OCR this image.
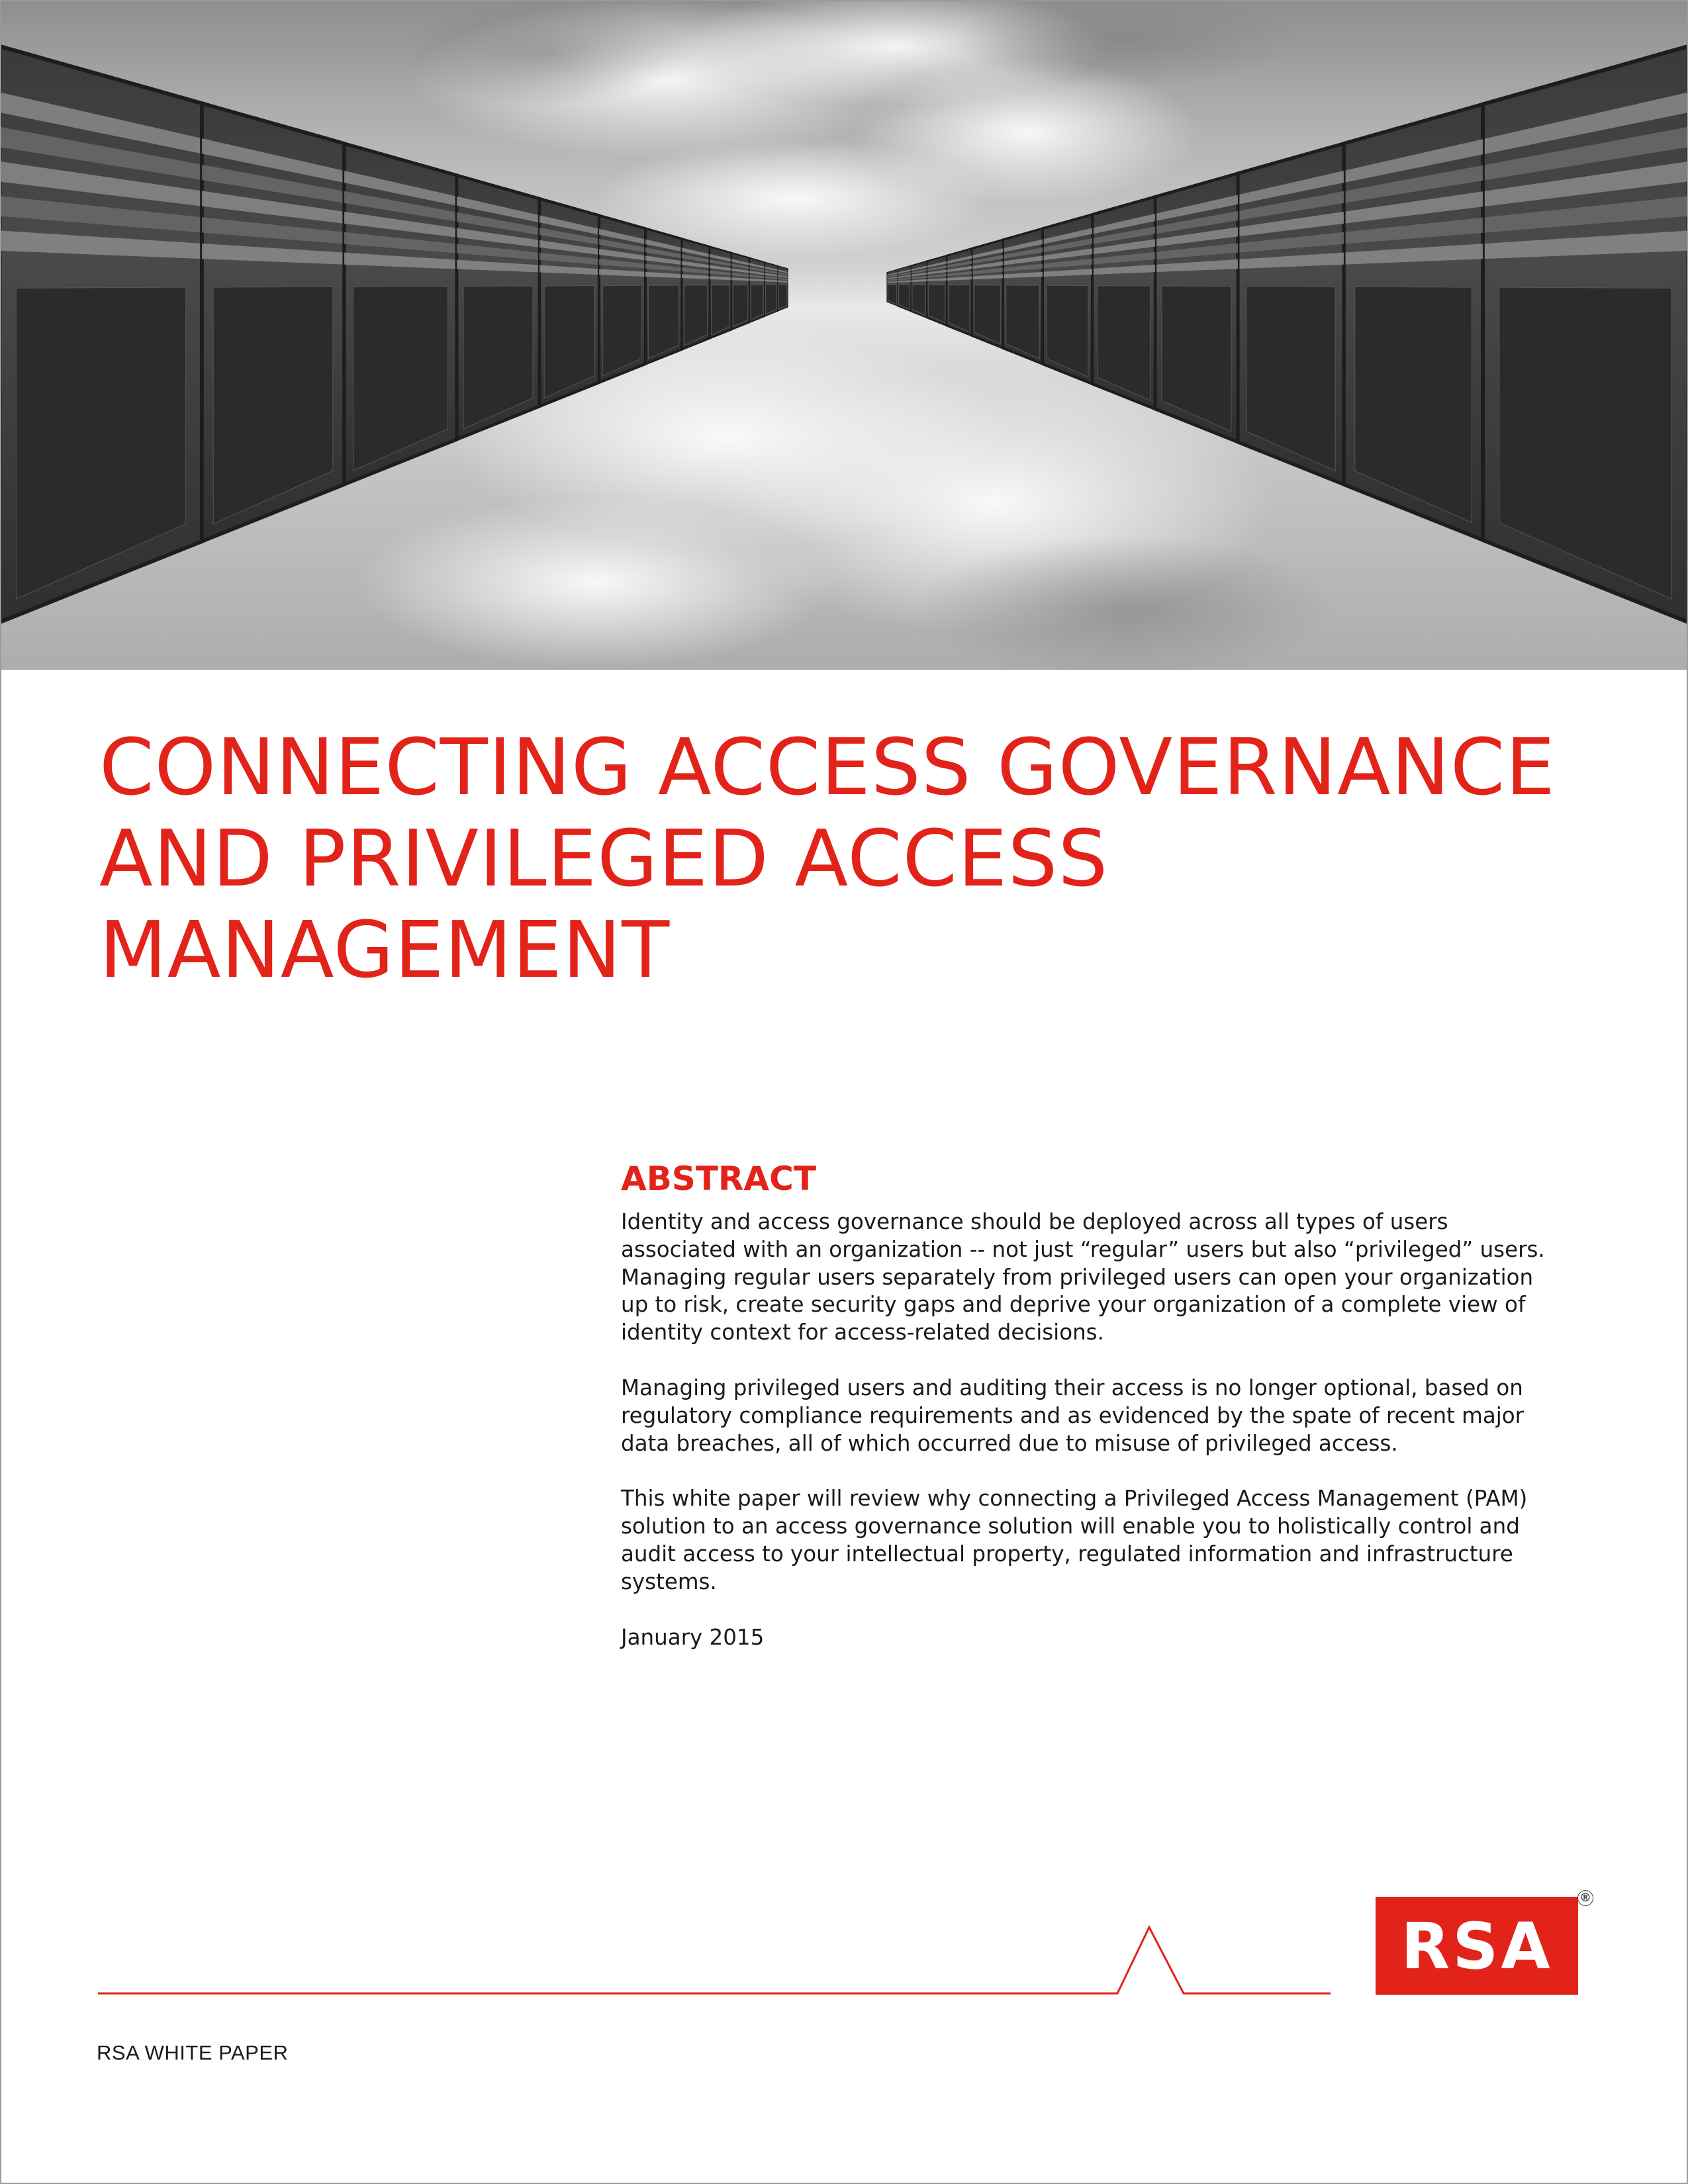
CONNECTING ACCESS GOVERNANCE
AND PRIVILEGED ACCESS
MANAGEMENT
ABSTRACT

Identity and access governance should be deployed across all types of users
associated with an organization -- not just “regular” users but also “privileged” users.
Managing regular users separately from privileged users can open your organization
up to risk, create security gaps and deprive your organization of a complete view of
identity context for access-related decisions.

Managing privileged users and auditing their access is no longer optional, based on
regulatory compliance requirements and as evidenced by the spate of recent major
data breaches, all of which occurred due to misuse of privileged access.

This white paper will review why connecting a Privileged Access Management (PAM)
solution to an access governance solution will enable you to holistically control and
audit access to your intellectual property, regulated information and infrastructure
systems.

January 2015

RSA
®
RSA WHITE PAPER
